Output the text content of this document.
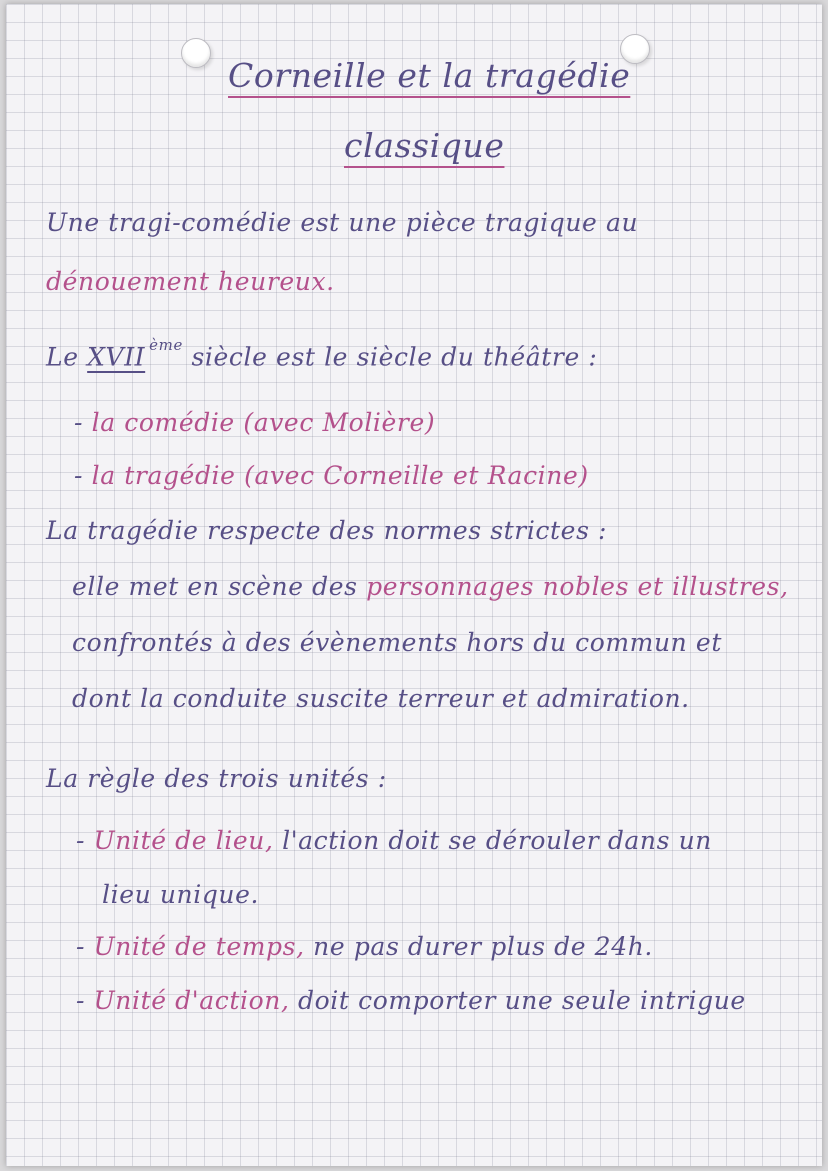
Corneille et la tragédie
classique
Une tragi-comédie est une pièce tragique au
dénouement heureux.
Le XVII $^{ème}$ siècle est le siècle du théâtre :
- la comédie (avec Molière)
- la tragédie (avec Corneille et Racine)
La tragédie respecte des normes strictes :
elle met en scène des personnages nobles et illustres,
confrontés à des évènements hors du commun et
dont la conduite suscite terreur et admiration.
La règle des trois unités :
- Unité de lieu, l'action doit se dérouler dans un
lieu unique.
- Unité de temps, ne pas durer plus de 24h.
- Unité d'action, doit comporter une seule intrigue
